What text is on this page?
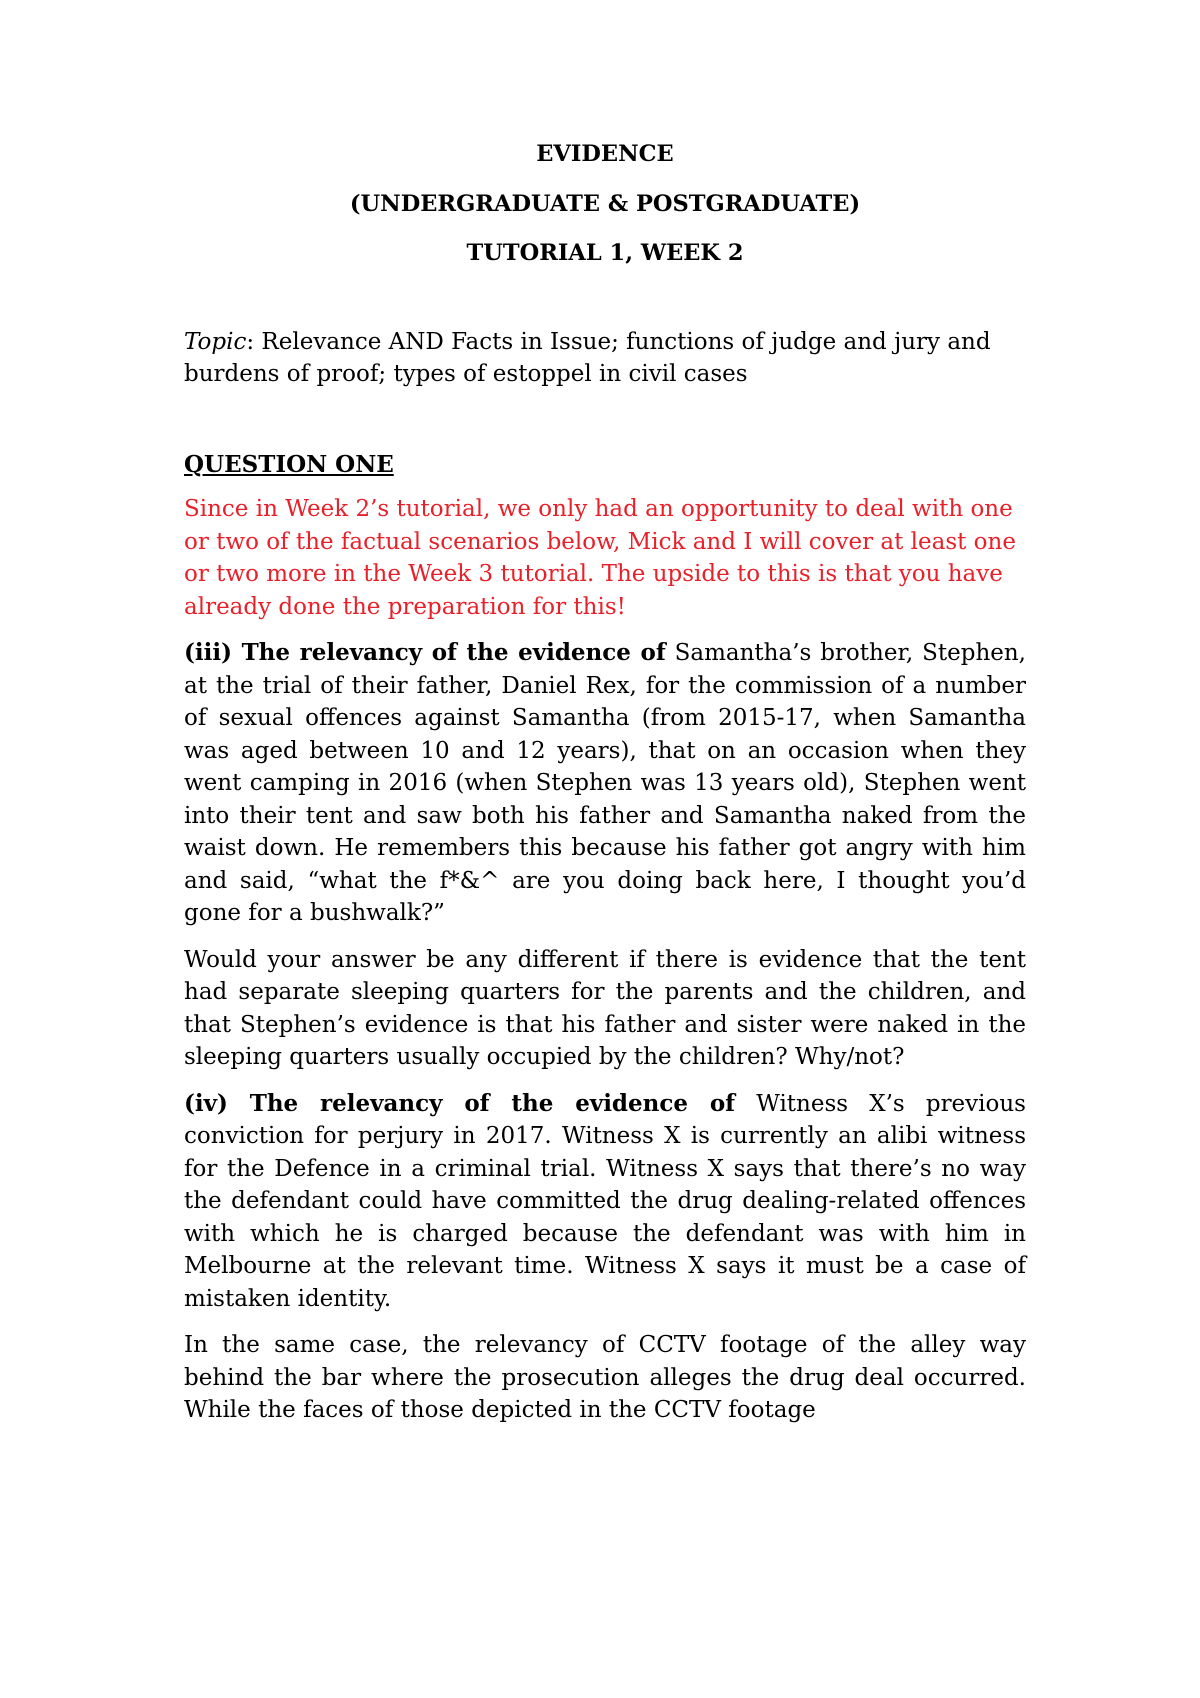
EVIDENCE

(UNDERGRADUATE & POSTGRADUATE)

TUTORIAL 1, WEEK 2

Topic: Relevance AND Facts in Issue; functions of judge and jury and burdens of proof; types of estoppel in civil cases

QUESTION ONE

Since in Week 2’s tutorial, we only had an opportunity to deal with one or two of the factual scenarios below, Mick and I will cover at least one or two more in the Week 3 tutorial. The upside to this is that you have already done the preparation for this!

(iii) The relevancy of the evidence of Samantha’s brother, Stephen, at the trial of their father, Daniel Rex, for the commission of a number of sexual offences against Samantha (from 2015-17, when Samantha was aged between 10 and 12 years), that on an occasion when they went camping in 2016 (when Stephen was 13 years old), Stephen went into their tent and saw both his father and Samantha naked from the waist down. He remembers this because his father got angry with him and said, “what the f*&^ are you doing back here, I thought you’d gone for a bushwalk?”

Would your answer be any different if there is evidence that the tent had separate sleeping quarters for the parents and the children, and that Stephen’s evidence is that his father and sister were naked in the sleeping quarters usually occupied by the children? Why/not?

(iv) The relevancy of the evidence of Witness X’s previous conviction for perjury in 2017. Witness X is currently an alibi witness for the Defence in a criminal trial. Witness X says that there’s no way the defendant could have committed the drug dealing-related offences with which he is charged because the defendant was with him in Melbourne at the relevant time. Witness X says it must be a case of mistaken identity.

In the same case, the relevancy of CCTV footage of the alley way behind the bar where the prosecution alleges the drug deal occurred. While the faces of those depicted in the CCTV footage
